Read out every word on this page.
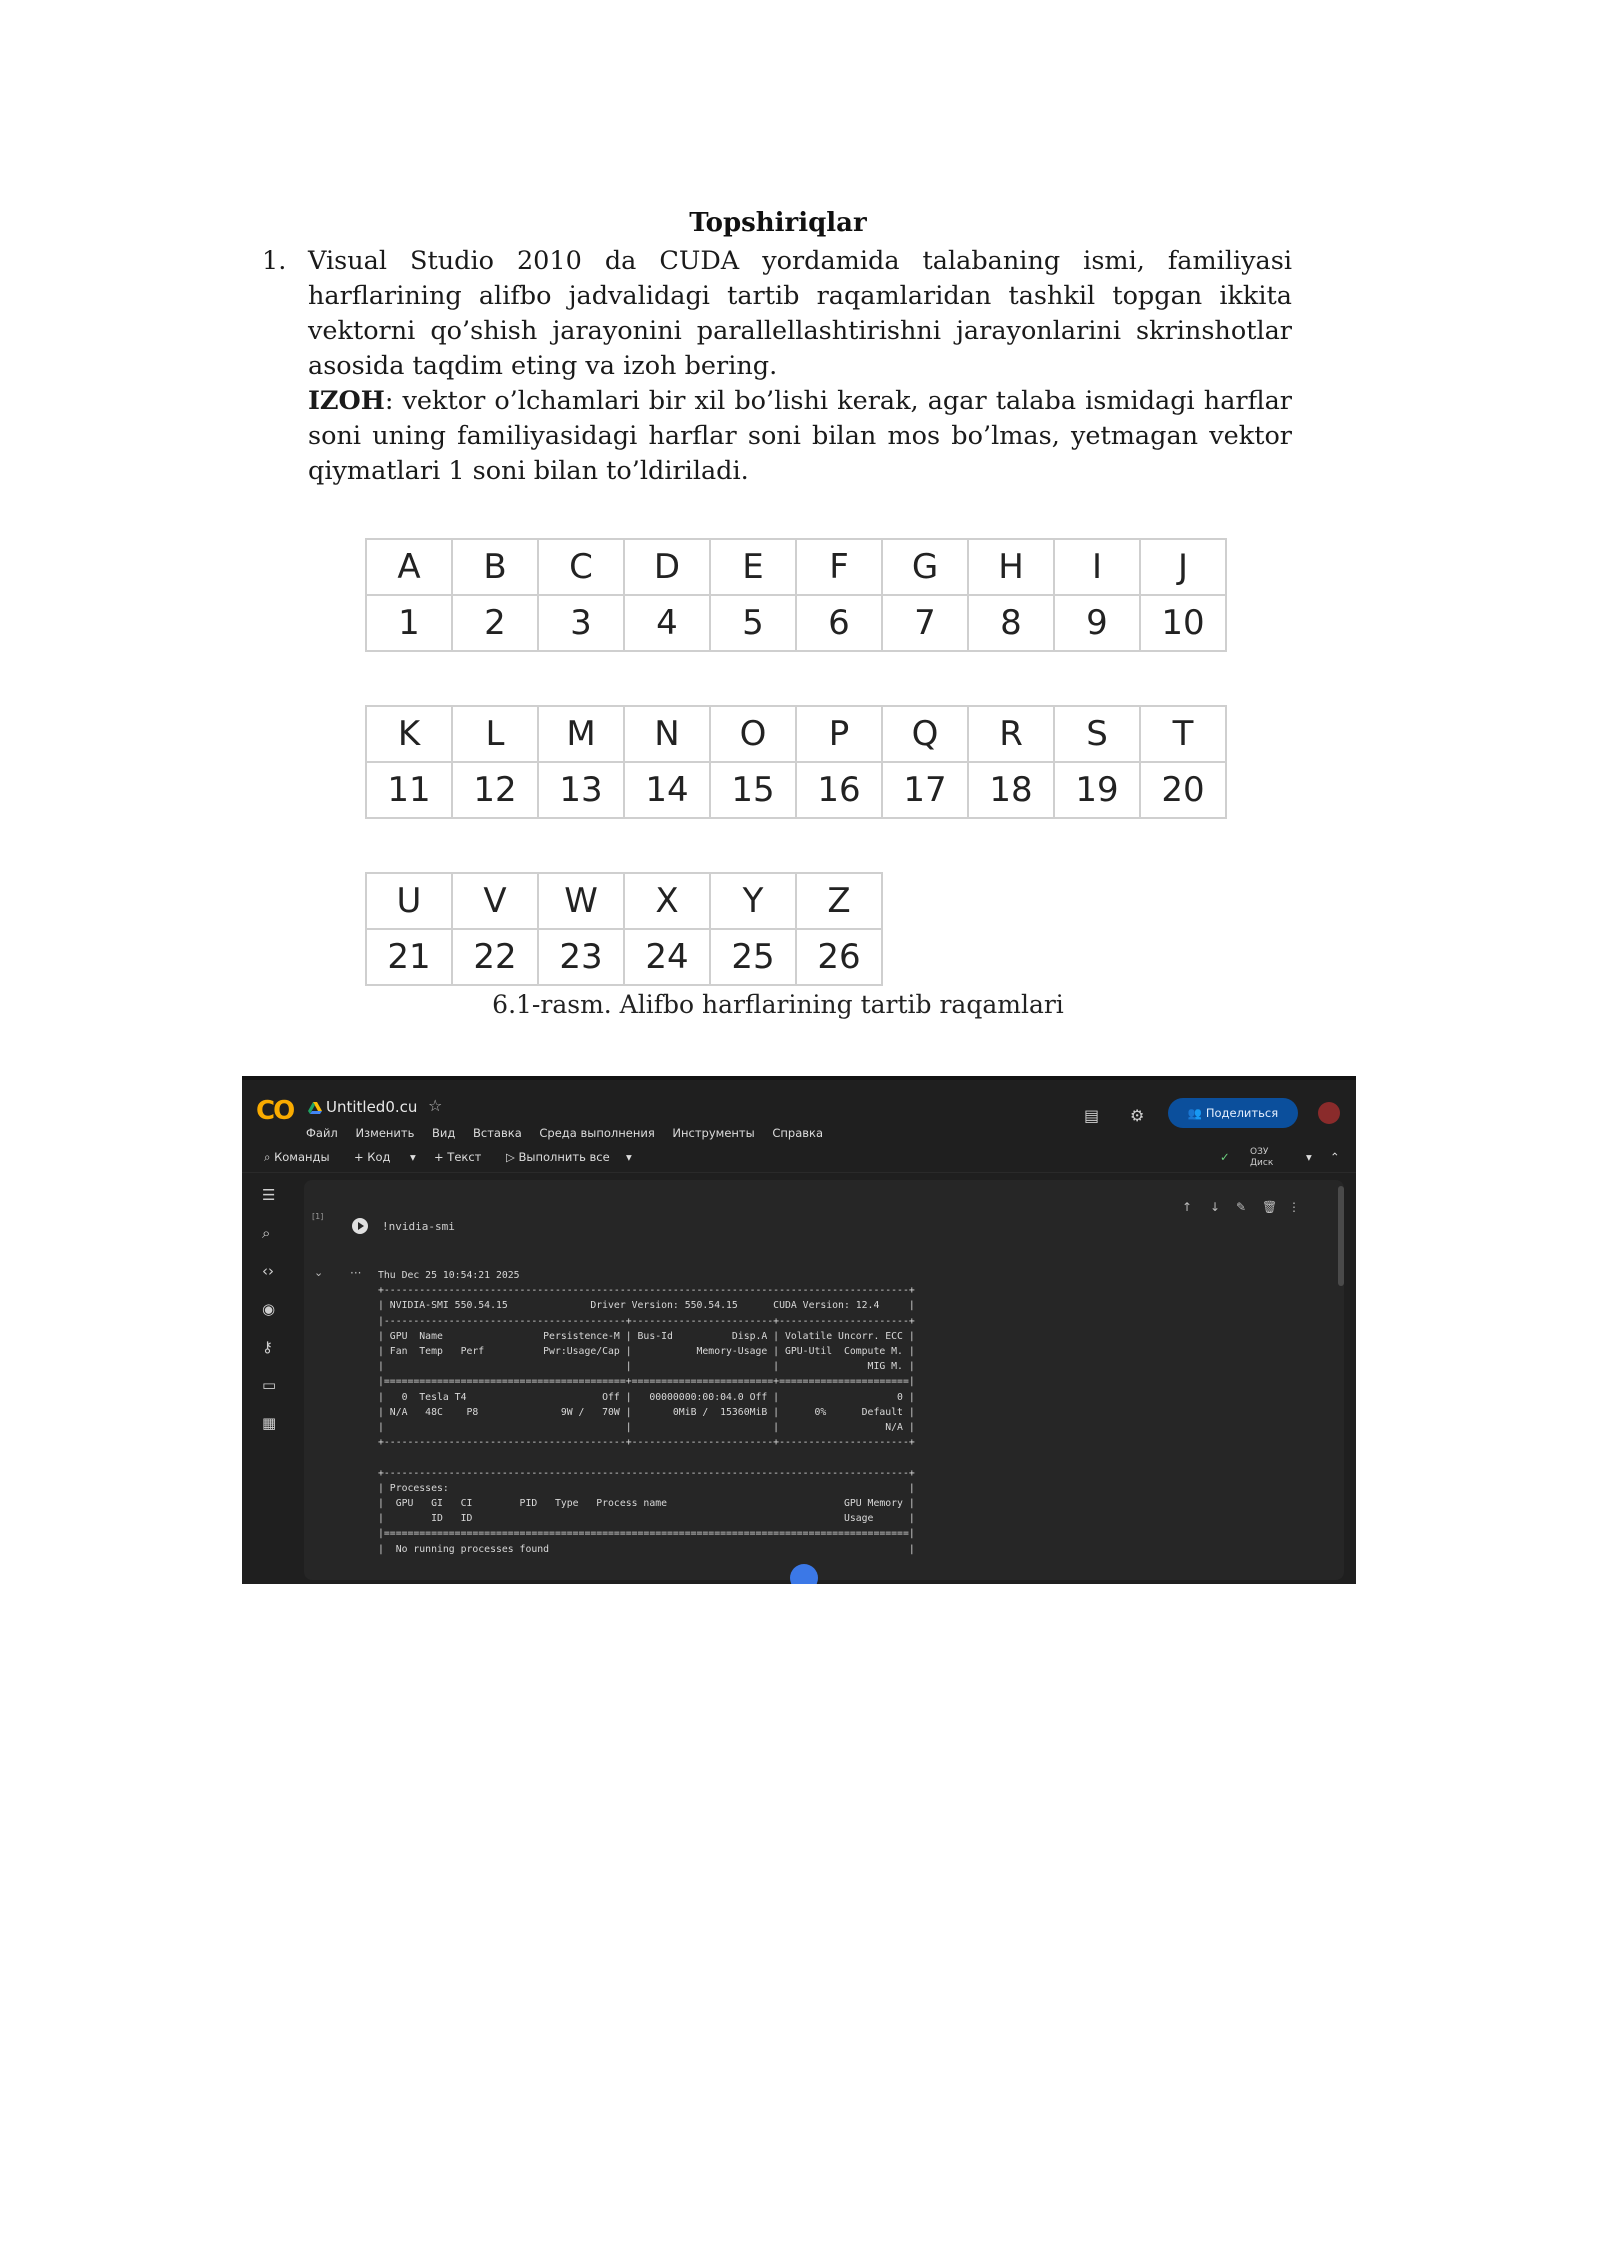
Topshiriqlar
1. Visual Studio 2010 da CUDA yordamida talabaning ismi, familiyasi harflarining alifbo jadvalidagi tartib raqamlaridan tashkil topgan ikkita vektorni qo’shish jarayonini parallellashtirishni jarayonlarini skrinshotlar asosida taqdim eting va izoh bering.

IZOH: vektor o’lchamlari bir xil bo’lishi kerak, agar talaba ismidagi harflar soni uning familiyasidagi harflar soni bilan mos bo’lmas, yetmagan vektor qiymatlari 1 soni bilan to’ldiriladi.

A	B	C	D	E	F	G	H	I	J
1	2	3	4	5	6	7	8	9	10
K	L	M	N	O	P	Q	R	S	T
11	12	13	14	15	16	17	18	19	20
U	V	W	X	Y	Z
21	22	23	24	25	26
6.1-rasm. Alifbo harflarining tartib raqamlari
CO Untitled0.cu ☆
Файл Изменить Вид Вставка Среда выполнения Инструменты Справка
▤ ⚙	👥 Поделиться
⌕ Команды + Код ▾ + Текст ▷ Выполнить все ▾	✓ ОЗУ
Диск	▾ ⌃
☰
⌕
‹›
◉
⚷
▭
▦
[1]
!nvidia-smi
↑ ↓ ✎ 🗑 ⋮
⌄ ··· Thu Dec 25 10:54:21 2025
+-----------------------------------------------------------------------------------------+
| NVIDIA-SMI 550.54.15              Driver Version: 550.54.15      CUDA Version: 12.4     |
|-----------------------------------------+------------------------+----------------------+
| GPU  Name                 Persistence-M | Bus-Id          Disp.A | Volatile Uncorr. ECC |
| Fan  Temp   Perf          Pwr:Usage/Cap |           Memory-Usage | GPU-Util  Compute M. |
|                                         |                        |               MIG M. |
|=========================================+========================+======================|
|   0  Tesla T4                       Off |   00000000:00:04.0 Off |                    0 |
| N/A   48C    P8              9W /   70W |       0MiB /  15360MiB |      0%      Default |
|                                         |                        |                  N/A |
+-----------------------------------------+------------------------+----------------------+

+-----------------------------------------------------------------------------------------+
| Processes:                                                                              |
|  GPU   GI   CI        PID   Type   Process name                              GPU Memory |
|        ID   ID                                                               Usage      |
|=========================================================================================|
|  No running processes found                                                             |
